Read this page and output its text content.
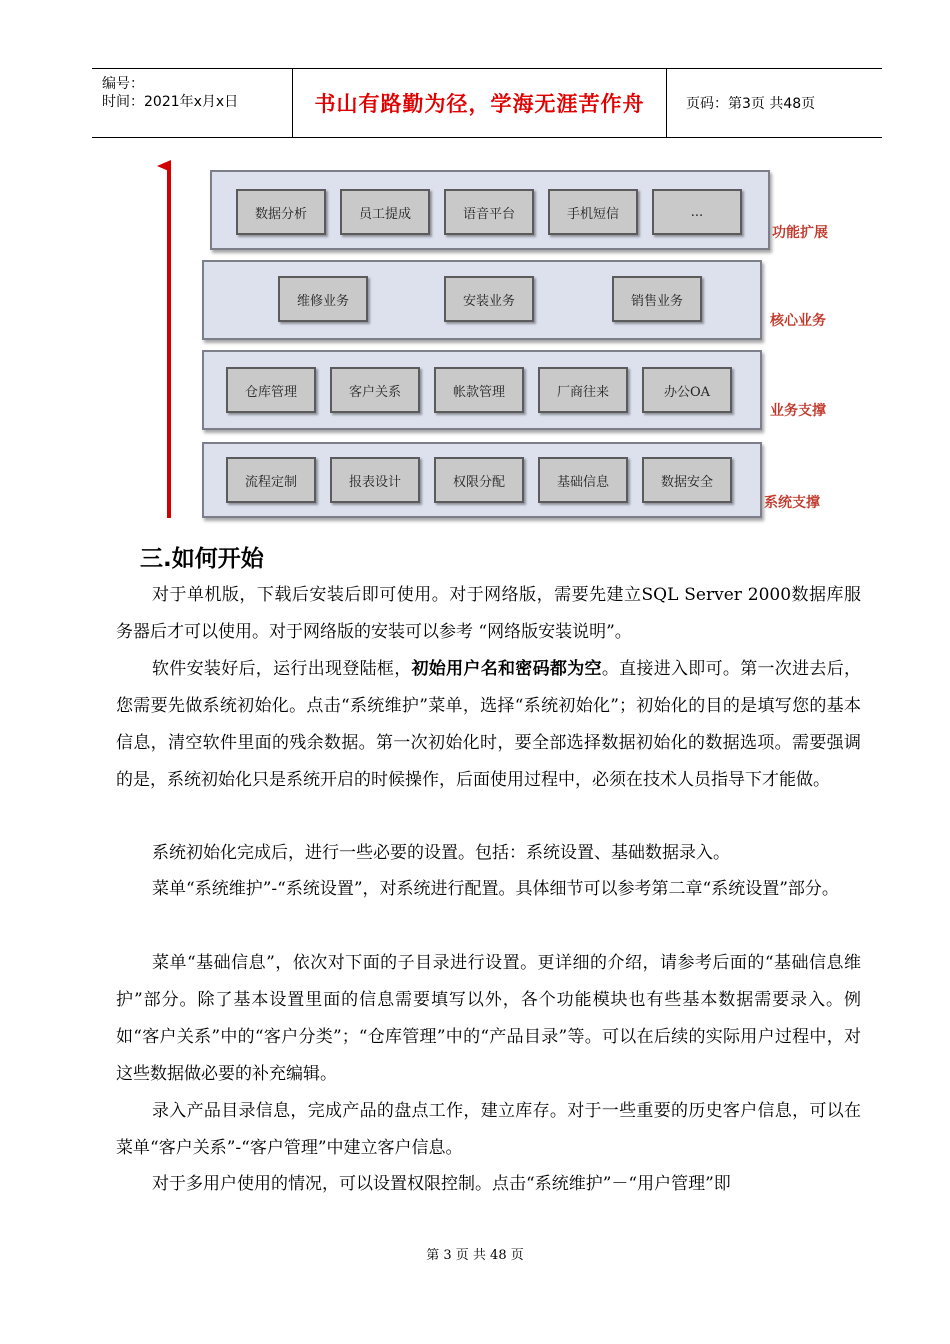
编号：
时间：2021年x月x日	书山有路勤为径，学海无涯苦作舟	页码：第3页 共48页
数据分析	员工提成	语音平台	手机短信	...
功能扩展
维修业务	安装业务	销售业务
核心业务
仓库管理	客户关系	帐款管理	厂商往来	办公OA
业务支撑
流程定制	报表设计	权限分配	基础信息	数据安全
系统支撑
三.如何开始
对于单机版，下载后安装后即可使用。对于网络版，需要先建立SQL Server 2000数据库服务器后才可以使用。对于网络版的安装可以参考 “网络版安装说明”。
软件安装好后，运行出现登陆框，初始用户名和密码都为空。直接进入即可。第一次进去后，您需要先做系统初始化。点击“系统维护”菜单，选择“系统初始化”；初始化的目的是填写您的基本信息，清空软件里面的残余数据。第一次初始化时，要全部选择数据初始化的数据选项。需要强调的是，系统初始化只是系统开启的时候操作，后面使用过程中，必须在技术人员指导下才能做。
系统初始化完成后，进行一些必要的设置。包括：系统设置、基础数据录入。
菜单“系统维护”-“系统设置”，对系统进行配置。具体细节可以参考第二章“系统设置”部分。
菜单“基础信息”，依次对下面的子目录进行设置。更详细的介绍，请参考后面的“基础信息维护”部分。除了基本设置里面的信息需要填写以外，各个功能模块也有些基本数据需要录入。例如“客户关系”中的“客户分类”；“仓库管理”中的“产品目录”等。可以在后续的实际用户过程中，对这些数据做必要的补充编辑。
录入产品目录信息，完成产品的盘点工作，建立库存。对于一些重要的历史客户信息，可以在菜单“客户关系”-“客户管理”中建立客户信息。
对于多用户使用的情况，可以设置权限控制。点击“系统维护”－“用户管理”即
第 3 页 共 48 页
